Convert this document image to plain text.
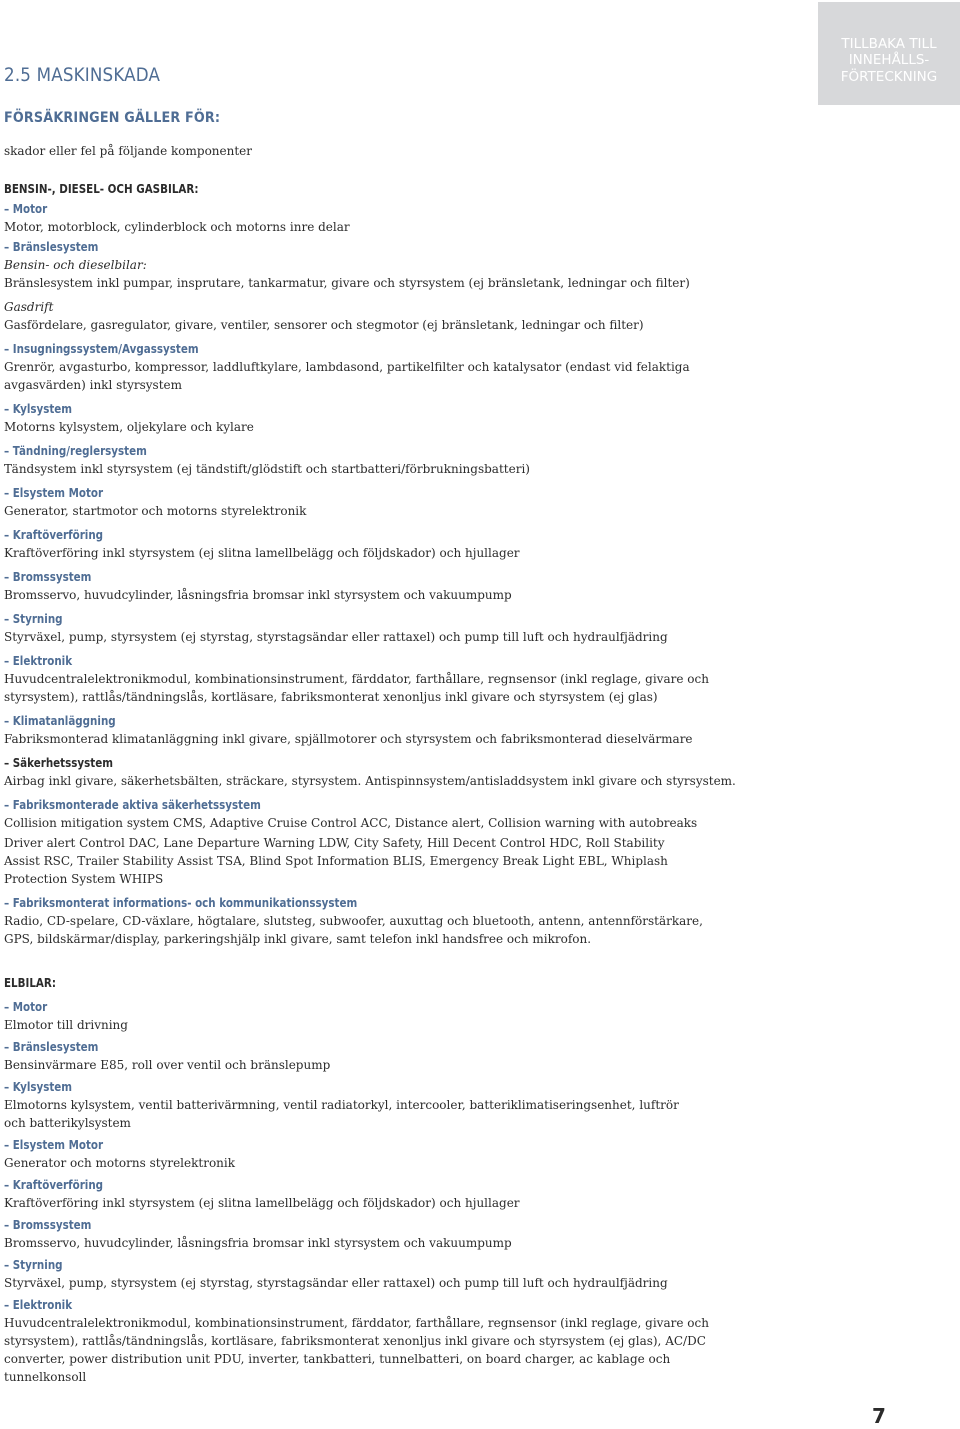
2.5 MASKINSKADA
TILLBAKA TILL INNEHÅLLS-FÖRTECKNING
FÖRSÄKRINGEN GÄLLER FÖR:

skador eller fel på följande komponenter

BENSIN-, DIESEL- OCH GASBILAR:

– Motor

Motor, motorblock, cylinderblock och motorns inre delar

– Bränslesystem

Bensin- och dieselbilar:

Bränslesystem inkl pumpar, insprutare, tankarmatur, givare och styrsystem (ej bränsletank, ledningar och filter)

Gasdrift

Gasfördelare, gasregulator, givare, ventiler, sensorer och stegmotor (ej bränsletank, ledningar och filter)

– Insugningssystem/Avgassystem

Grenrör, avgasturbo, kompressor, laddluftkylare, lambdasond, partikelfilter och katalysator (endast vid felaktiga avgasvärden) inkl styrsystem

– Kylsystem

Motorns kylsystem, oljekylare och kylare

– Tändning/reglersystem

Tändsystem inkl styrsystem (ej tändstift/glödstift och startbatteri/förbrukningsbatteri)

– Elsystem Motor

Generator, startmotor och motorns styrelektronik

– Kraftöverföring

Kraftöverföring inkl styrsystem (ej slitna lamellbelägg och följdskador) och hjullager

– Bromssystem

Bromsservo, huvudcylinder, låsningsfria bromsar inkl styrsystem och vakuumpump

– Styrning

Styrväxel, pump, styrsystem (ej styrstag, styrstagsändar eller rattaxel) och pump till luft och hydraulfjädring

– Elektronik

Huvudcentralelektronikmodul, kombinationsinstrument, färddator, farthållare, regnsensor (inkl reglage, givare och styrsystem), rattlås/tändningslås, kortläsare, fabriksmonterat xenonljus inkl givare och styrsystem (ej glas)

– Klimatanläggning

Fabriksmonterad klimatanläggning inkl givare, spjällmotorer och styrsystem och fabriksmonterad dieselvärmare

– Säkerhetssystem

Airbag inkl givare, säkerhetsbälten, sträckare, styrsystem. Antispinnsystem/antisladdsystem inkl givare och styrsystem.

– Fabriksmonterade aktiva säkerhetssystem

Collision mitigation system CMS, Adaptive Cruise Control ACC, Distance alert, Collision warning with autobreaks

Driver alert Control DAC, Lane Departure Warning LDW, City Safety, Hill Decent Control HDC, Roll Stability Assist RSC, Trailer Stability Assist TSA, Blind Spot Information BLIS, Emergency Break Light EBL, Whiplash Protection System WHIPS

– Fabriksmonterat informations- och kommunikationssystem

Radio, CD-spelare, CD-växlare, högtalare, slutsteg, subwoofer, auxuttag och bluetooth, antenn, antennförstärkare, GPS, bildskärmar/display, parkeringshjälp inkl givare, samt telefon inkl handsfree och mikrofon.

ELBILAR:

– Motor

Elmotor till drivning

– Bränslesystem

Bensinvärmare E85, roll over ventil och bränslepump

– Kylsystem

Elmotorns kylsystem, ventil batterivärmning, ventil radiatorkyl, intercooler, batteriklimatiseringsenhet, luftrör och batterikylsystem

– Elsystem Motor

Generator och motorns styrelektronik

– Kraftöverföring

Kraftöverföring inkl styrsystem (ej slitna lamellbelägg och följdskador) och hjullager

– Bromssystem

Bromsservo, huvudcylinder, låsningsfria bromsar inkl styrsystem och vakuumpump

– Styrning

Styrväxel, pump, styrsystem (ej styrstag, styrstagsändar eller rattaxel) och pump till luft och hydraulfjädring

– Elektronik

Huvudcentralelektronikmodul, kombinationsinstrument, färddator, farthållare, regnsensor (inkl reglage, givare och styrsystem), rattlås/tändningslås, kortläsare, fabriksmonterat xenonljus inkl givare och styrsystem (ej glas), AC/DC converter, power distribution unit PDU, inverter, tankbatteri, tunnelbatteri, on board charger, ac kablage och tunnelkonsoll

7
